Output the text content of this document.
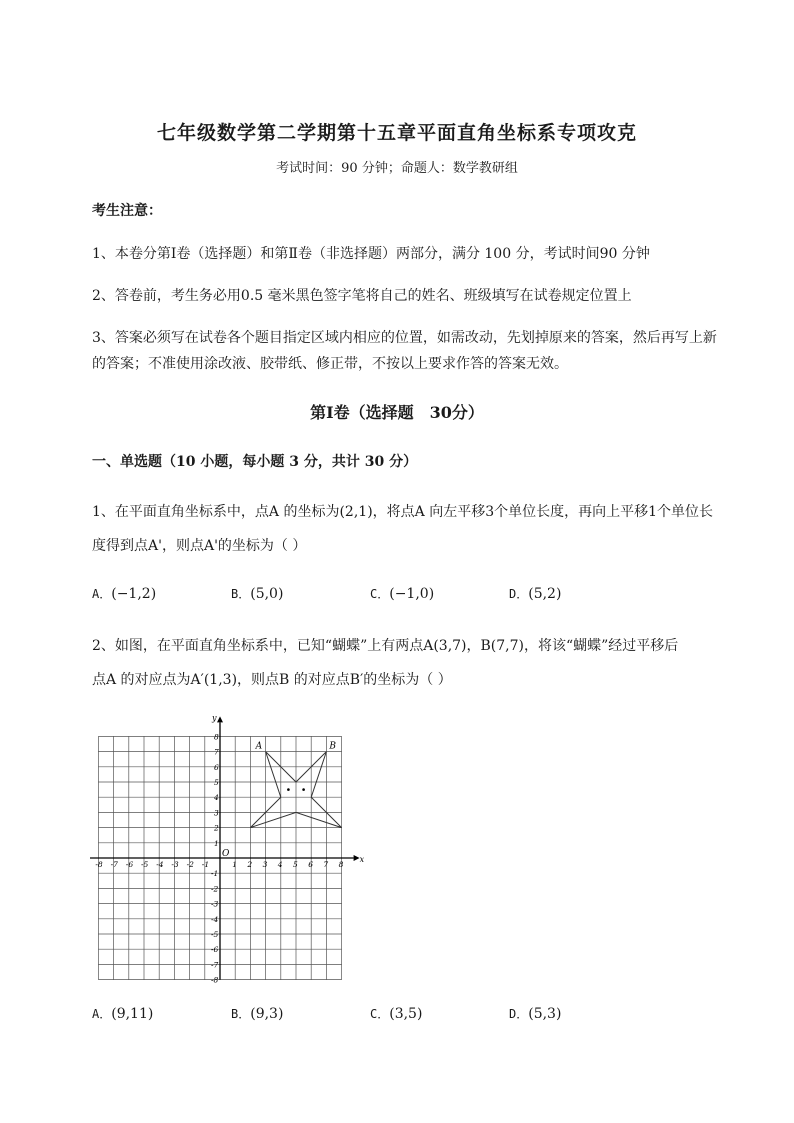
七年级数学第二学期第十五章平面直角坐标系专项攻克
考试时间：90 分钟；命题人：数学教研组
考生注意：
1、本卷分第Ⅰ卷（选择题）和第Ⅱ卷（非选择题）两部分，满分 100 分，考试时间90 分钟
2、答卷前，考生务必用0.5 毫米黑色签字笔将自己的姓名、班级填写在试卷规定位置上
3、答案必须写在试卷各个题目指定区域内相应的位置，如需改动，先划掉原来的答案，然后再写上新
的答案；不准使用涂改液、胶带纸、修正带，不按以上要求作答的答案无效。
第Ⅰ卷（选择题　30分）
一、单选题（10 小题，每小题 3 分，共计 30 分）
1、在平面直角坐标系中，点A 的坐标为(2,1)，将点A 向左平移3个单位长度，再向上平移1个单位长
度得到点A'，则点A'的坐标为（ ）
A．(−1,2)	B．(5,0)	C．(−1,0)	D．(5,2)
2、如图，在平面直角坐标系中，已知“蝴蝶”上有两点A(3,7)，B(7,7)，将该“蝴蝶”经过平移后
点A 的对应点为A′(1,3)，则点B 的对应点B′的坐标为（ ）
x
y
O
-8 -7 -6 -5 -4 -3 -2 -1	1 2 3 4 5 6 7 8
8
7
6
5
4
3
2
1
-1
-2
-3
-4
-5
-6
-7
-8
A	B
A．(9,11)	B．(9,3)	C．(3,5)	D．(5,3)
